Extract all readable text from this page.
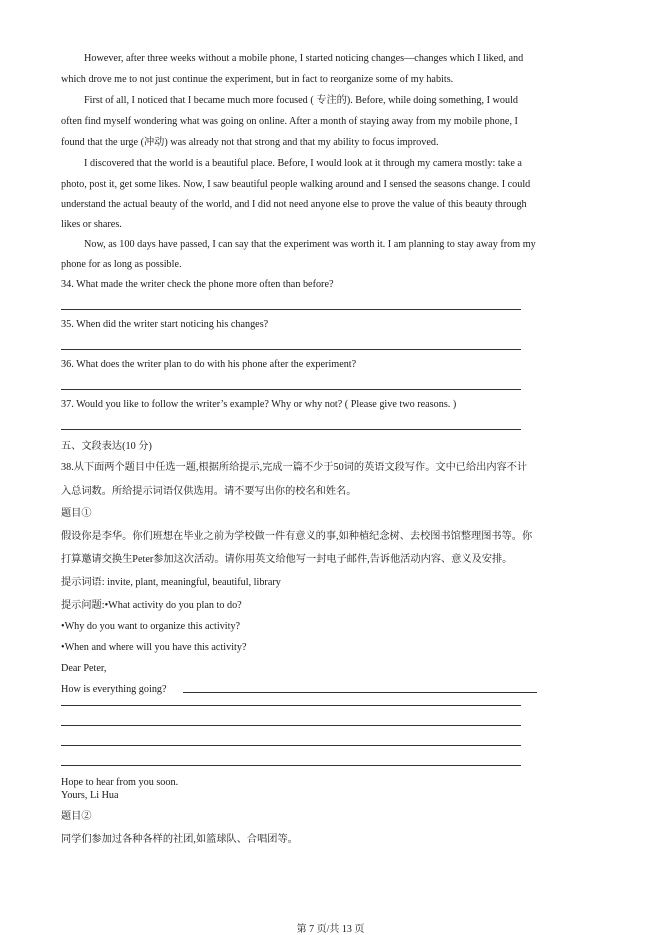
However, after three weeks without a mobile phone, I started noticing changes—changes which I liked, and
which drove me to not just continue the experiment, but in fact to reorganize some of my habits.
First of all, I noticed that I became much more focused ( 专注的). Before, while doing something, I would
often find myself wondering what was going on online. After a month of staying away from my mobile phone, I
found that the urge (冲动) was already not that strong and that my ability to focus improved.
I discovered that the world is a beautiful place. Before, I would look at it through my camera mostly: take a
photo, post it, get some likes. Now, I saw beautiful people walking around and I sensed the seasons change. I could
understand the actual beauty of the world, and I did not need anyone else to prove the value of this beauty through
likes or shares.
Now, as 100 days have passed, I can say that the experiment was worth it. I am planning to stay away from my
phone for as long as possible.
34. What made the writer check the phone more often than before?
35. When did the writer start noticing his changes?
36. What does the writer plan to do with his phone after the experiment?
37. Would you like to follow the writer’s example? Why or why not? ( Please give two reasons. )
五、文段表达(10 分)
38.从下面两个题目中任选一题,根据所给提示,完成一篇不少于50词的英语文段写作。文中已给出内容不计
入总词数。所给提示词语仅供选用。请不要写出你的校名和姓名。
题目①
假设你是李华。你们班想在毕业之前为学校做一件有意义的事,如种植纪念树、去校图书馆整理图书等。你
打算邀请交换生Peter参加这次活动。请你用英文给他写一封电子邮件,告诉他活动内容、意义及安排。
提示词语: invite, plant, meaningful, beautiful, library
提示问题:•What activity do you plan to do?
•Why do you want to organize this activity?
•When and where will you have this activity?
Dear Peter,
How is everything going?
Hope to hear from you soon.
Yours, Li Hua
题目②
同学们参加过各种各样的社团,如篮球队、合唱团等。
第 7 页/共 13 页
